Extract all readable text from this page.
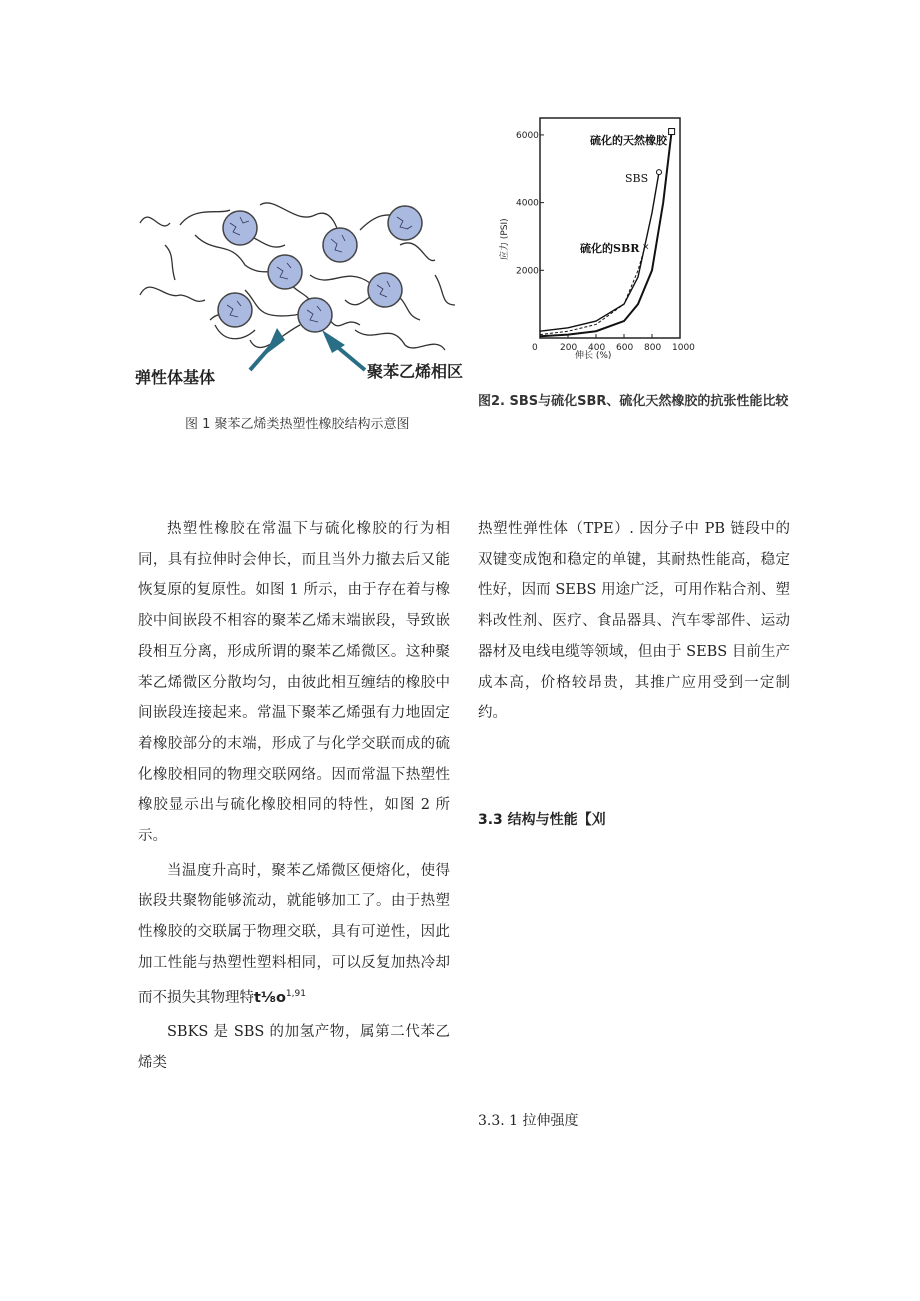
弹性体基体	聚苯乙烯相区
0 200 400 600 800 1000
2000
4000
6000
×
应力 (PSI)
伸长 (%)
硫化的天然橡胶
SBS
硫化的SBR
图 1 聚苯乙烯类热塑性橡胶结构示意图
图2. SBS与硫化SBR、硫化天然橡胶的抗张性能比较

热塑性橡胶在常温下与硫化橡胶的行为相同，具有拉伸时会伸长，而且当外力撤去后又能恢复原的复原性。如图 1 所示，由于存在着与橡胶中间嵌段不相容的聚苯乙烯末端嵌段，导致嵌段相互分离，形成所谓的聚苯乙烯微区。这种聚苯乙烯微区分散均匀，由彼此相互缠结的橡胶中间嵌段连接起来。常温下聚苯乙烯强有力地固定着橡胶部分的末端，形成了与化学交联而成的硫化橡胶相同的物理交联网络。因而常温下热塑性橡胶显示出与硫化橡胶相同的特性，如图 2 所示。

当温度升高时，聚苯乙烯微区便熔化，使得嵌段共聚物能够流动，就能够加工了。由于热塑性橡胶的交联属于物理交联，具有可逆性，因此加工性能与热塑性塑料相同，可以反复加热冷却而不损失其物理特$t\frac{1}{8}o^{1,91}$

SBKS 是 SBS 的加氢产物，属第二代苯乙烯类

热塑性弹性体（TPE）. 因分子中 PB 链段中的双键变成饱和稳定的单键，其耐热性能高，稳定性好，因而 SEBS 用途广泛，可用作粘合剂、塑料改性剂、医疗、食品器具、汽车零部件、运动器材及电线电缆等领域，但由于 SEBS 目前生产成本高，价格较昂贵，其推广应用受到一定制约。

3.3 结构与性能【刈
3.3. 1 拉伸强度
